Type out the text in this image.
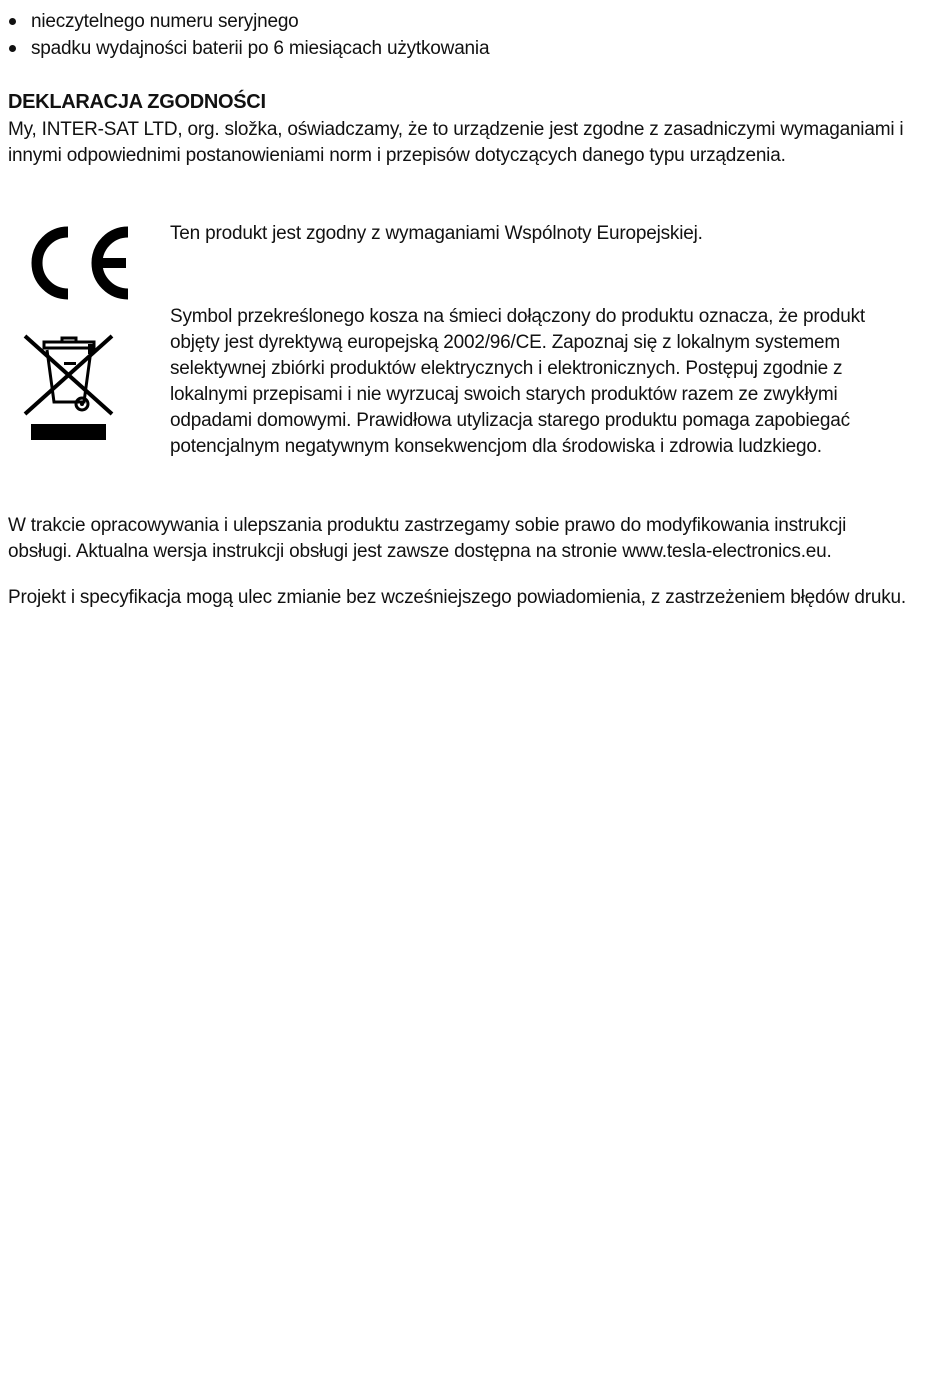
nieczytelnego numeru seryjnego
spadku wydajności baterii po 6 miesiącach użytkowania
DEKLARACJA ZGODNOŚCI

My, INTER-SAT LTD, org. složka, oświadczamy, że to urządzenie jest zgodne z zasadniczymi wymaganiami i innymi odpowiednimi postanowieniami norm i przepisów dotyczących danego typu urządzenia.

Ten produkt jest zgodny z wymaganiami Wspólnoty Europejskiej.

Symbol przekreślonego kosza na śmieci dołączony do produktu oznacza, że produkt objęty jest dyrektywą europejską 2002/96/CE. Zapoznaj się z lokalnym systemem selektywnej zbiórki produktów elektrycznych i elektronicznych. Postępuj zgodnie z lokalnymi przepisami i nie wyrzucaj swoich starych produktów razem ze zwykłymi odpadami domowymi. Prawidłowa utylizacja starego produktu pomaga zapobiegać potencjalnym negatywnym konsekwencjom dla środowiska i zdrowia ludzkiego.

W trakcie opracowywania i ulepszania produktu zastrzegamy sobie prawo do modyfikowania instrukcji obsługi. Aktualna wersja instrukcji obsługi jest zawsze dostępna na stronie www.tesla-electronics.eu.

Projekt i specyfikacja mogą ulec zmianie bez wcześniejszego powiadomienia, z zastrzeżeniem błędów druku.
